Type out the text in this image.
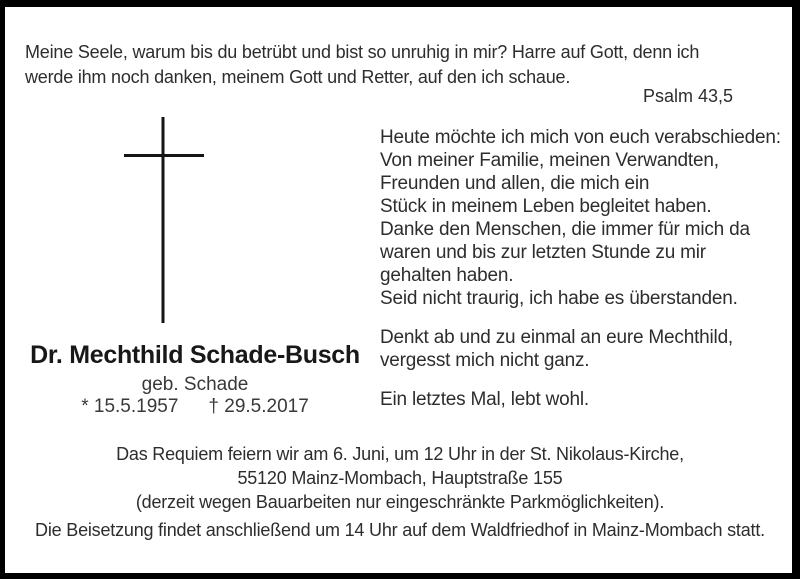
Meine Seele, warum bis du betrübt und bist so unruhig in mir? Harre auf Gott, denn ich
werde ihm noch danken, meinem Gott und Retter, auf den ich schaue.
Psalm 43,5

Heute möchte ich mich von euch verabschieden:
Von meiner Familie, meinen Verwandten,
Freunden und allen, die mich ein
Stück in meinem Leben begleitet haben.
Danke den Menschen, die immer für mich da
waren und bis zur letzten Stunde zu mir
gehalten haben.
Seid nicht traurig, ich habe es überstanden.

Denkt ab und zu einmal an eure Mechthild,
vergesst mich nicht ganz.

Ein letztes Mal, lebt wohl.

Dr. Mechthild Schade-Busch
geb. Schade
* 15.5.1957 † 29.5.2017

Das Requiem feiern wir am 6. Juni, um 12 Uhr in der St. Nikolaus-Kirche,

55120 Mainz-Mombach, Hauptstraße 155

(derzeit wegen Bauarbeiten nur eingeschränkte Parkmöglichkeiten).

Die Beisetzung findet anschließend um 14 Uhr auf dem Waldfriedhof in Mainz-Mombach statt.
